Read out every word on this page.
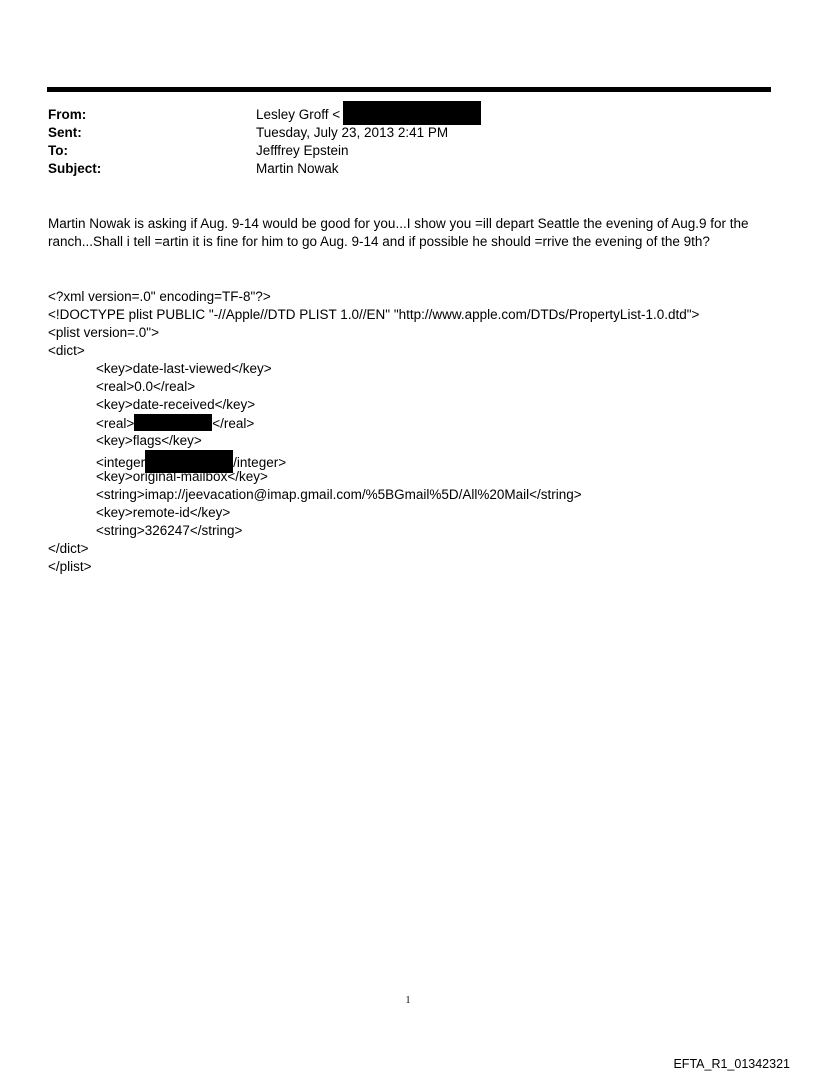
From:	Lesley Groff <
Sent:	Tuesday, July 23, 2013 2:41 PM
To:	Jefffrey Epstein
Subject:	Martin Nowak

Martin Nowak is asking if Aug. 9-14 would be good for you...I show you =ill depart Seattle the evening of Aug.9 for the

ranch...Shall i tell =artin it is fine for him to go Aug. 9-14 and if possible he should =rrive the evening of the 9th?

<?xml version=.0" encoding=TF-8"?>
<!DOCTYPE plist PUBLIC "-//Apple//DTD PLIST 1.0//EN" "http://www.apple.com/DTDs/PropertyList-1.0.dtd">
<plist version=.0">
<dict>
<key>date-last-viewed</key>
<real>0.0</real>
<key>date-received</key>
<real>	</real>
<key>flags</key>
<integer	/integer>
<key>original-mailbox</key>
<string>imap://jeevacation@imap.gmail.com/%5BGmail%5D/All%20Mail</string>
<key>remote-id</key>
<string>326247</string>
</dict>
</plist>
1
EFTA_R1_01342321
